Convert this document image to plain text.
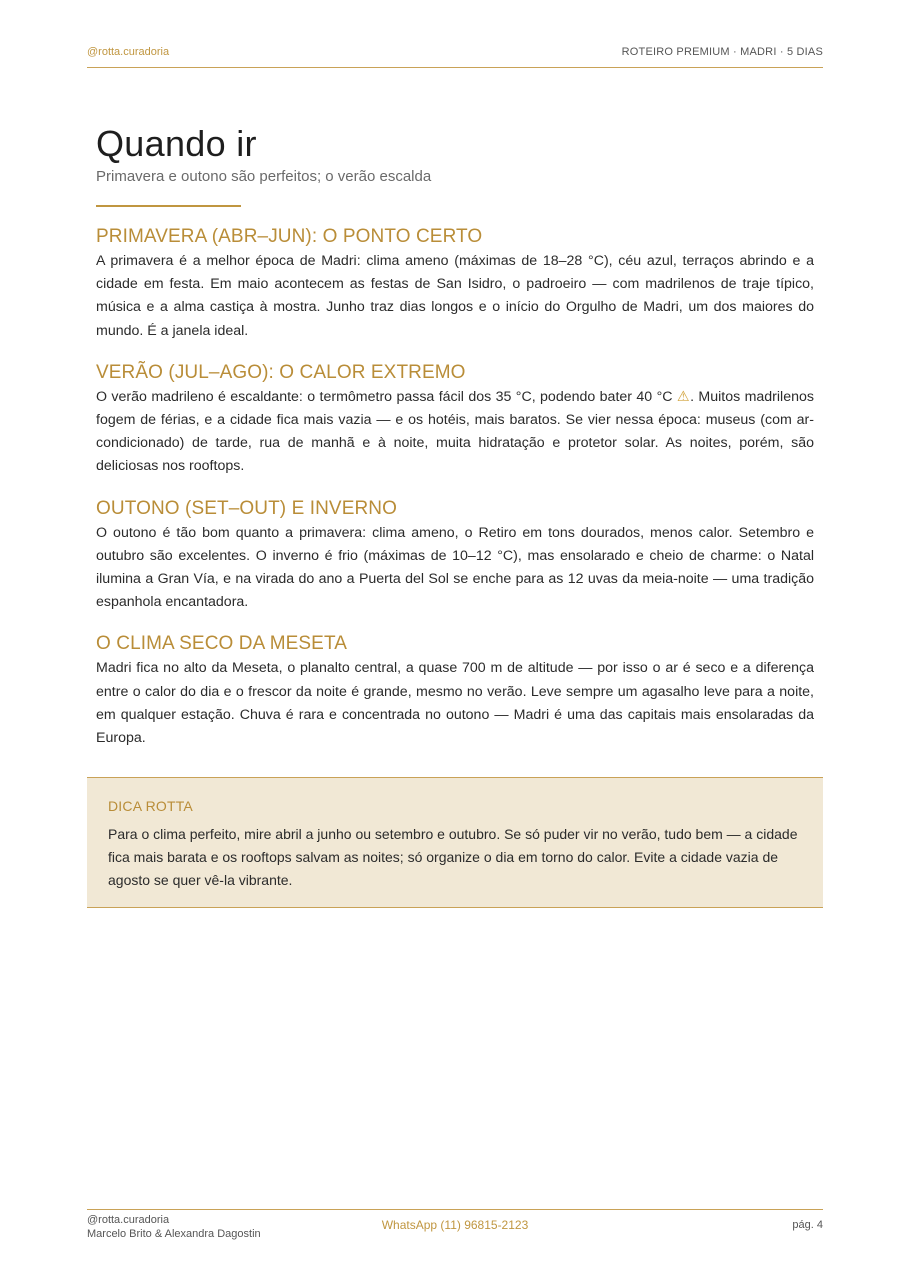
@rotta.curadoria	ROTEIRO PREMIUM · MADRI · 5 DIAS
Quando ir

Primavera e outono são perfeitos; o verão escalda

PRIMAVERA (ABR–JUN): O PONTO CERTO

A primavera é a melhor época de Madri: clima ameno (máximas de 18–28 °C), céu azul, terraços abrindo e a cidade em festa. Em maio acontecem as festas de San Isidro, o padroeiro — com madrilenos de traje típico, música e a alma castiça à mostra. Junho traz dias longos e o início do Orgulho de Madri, um dos maiores do mundo. É a janela ideal.

VERÃO (JUL–AGO): O CALOR EXTREMO

O verão madrileno é escaldante: o termômetro passa fácil dos 35 °C, podendo bater 40 °C ⚠. Muitos madrilenos fogem de férias, e a cidade fica mais vazia — e os hotéis, mais baratos. Se vier nessa época: museus (com ar-condicionado) de tarde, rua de manhã e à noite, muita hidratação e protetor solar. As noites, porém, são deliciosas nos rooftops.

OUTONO (SET–OUT) E INVERNO

O outono é tão bom quanto a primavera: clima ameno, o Retiro em tons dourados, menos calor. Setembro e outubro são excelentes. O inverno é frio (máximas de 10–12 °C), mas ensolarado e cheio de charme: o Natal ilumina a Gran Vía, e na virada do ano a Puerta del Sol se enche para as 12 uvas da meia-noite — uma tradição espanhola encantadora.

O CLIMA SECO DA MESETA

Madri fica no alto da Meseta, o planalto central, a quase 700 m de altitude — por isso o ar é seco e a diferença entre o calor do dia e o frescor da noite é grande, mesmo no verão. Leve sempre um agasalho leve para a noite, em qualquer estação. Chuva é rara e concentrada no outono — Madri é uma das capitais mais ensolaradas da Europa.

DICA ROTTA

Para o clima perfeito, mire abril a junho ou setembro e outubro. Se só puder vir no verão, tudo bem — a cidade fica mais barata e os rooftops salvam as noites; só organize o dia em torno do calor. Evite a cidade vazia de agosto se quer vê-la vibrante.

@rotta.curadoria
Marcelo Brito & Alexandra Dagostin
WhatsApp (11) 96815-2123	pág. 4
